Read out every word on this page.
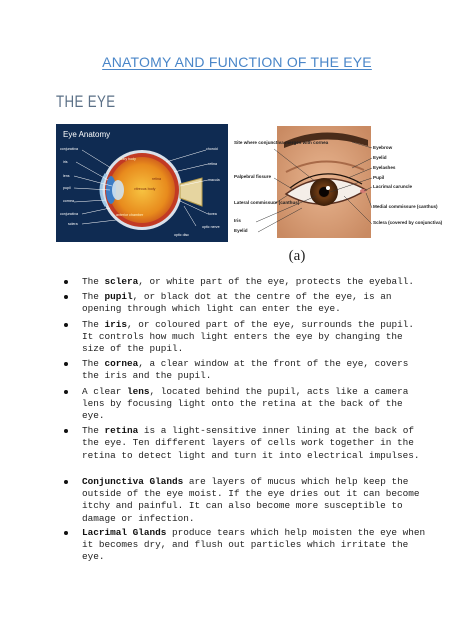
ANATOMY AND FUNCTION OF THE EYE
THE EYE
Eye Anatomy
conjunctiva
iris
lens
pupil
cornea
conjunctiva
sclera
ciliary body
retina
vitreous body
anterior chamber
choroid
retina
macula
fovea
optic nerve
optic disc
Site where conjunctiva merges with cornea
Palpebral fissure
Lateral commissure (canthus)
Iris
Eyelid
Eyebrow
Eyelid
Eyelashes
Pupil
Lacrimal caruncle
Medial commissure (canthus)
Sclera (covered by conjunctiva)
(a)
The sclera, or white part of the eye, protects the eyeball.
The pupil, or black dot at the centre of the eye, is an opening through which light can enter the eye.
The iris, or coloured part of the eye, surrounds the pupil. It controls how much light enters the eye by changing the size of the pupil.
The cornea, a clear window at the front of the eye, covers the iris and the pupil.
A clear lens, located behind the pupil, acts like a camera lens by focusing light onto the retina at the back of the eye.
The retina is a light-sensitive inner lining at the back of the eye. Ten different layers of cells work together in the retina to detect light and turn it into electrical impulses.
Conjunctiva Glands are layers of mucus which help keep the outside of the eye moist. If the eye dries out it can become itchy and painful. It can also become more susceptible to damage or infection.
Lacrimal Glands produce tears which help moisten the eye when it becomes dry, and flush out particles which irritate the eye.
